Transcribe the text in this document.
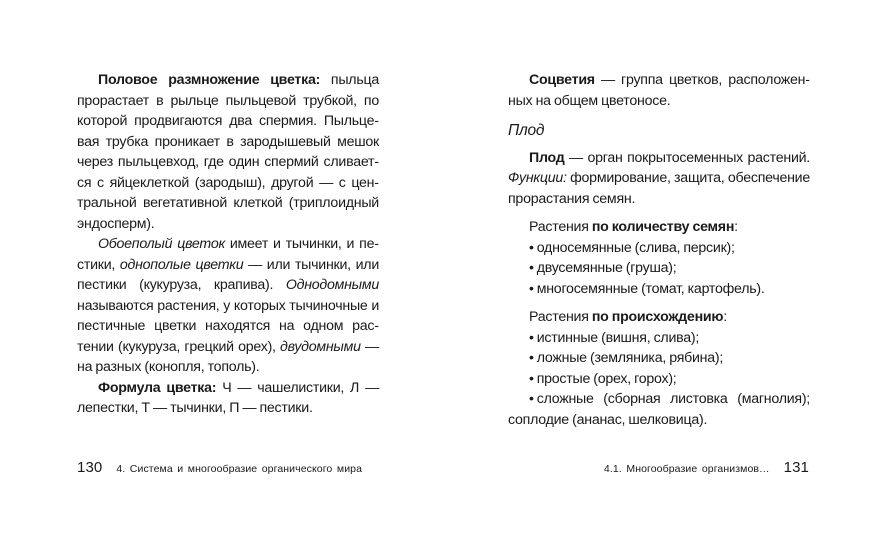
Половое размножение цветка: пыльца прорастает в рыльце пыльцевой трубкой, по которой продвигаются два спермия. Пыльцевая трубка проникает в зародышевый мешок через пыльцевход, где один спермий сливается с яйцеклеткой (зародыш), другой — с центральной вегетативной клеткой (триплоидный эндосперм).

Обоеполый цветок имеет и тычинки, и пестики, однополые цветки — или тычинки, или пестики (кукуруза, крапива). Однодомными называются растения, у которых тычиночные и пестичные цветки находятся на одном растении (кукуруза, грецкий орех), двудомными — на разных (конопля, тополь).

Формула цветка: Ч — чашелистики, Л — лепестки, Т — тычинки, П — пестики.

130 4. Система и многообразие органического мира

Соцветия — группа цветков, расположенных на общем цветоносе.

Плод

Плод — орган покрытосеменных растений. Функции: формирование, защита, обеспечение прорастания семян.

Растения по количеству семян:

• односемянные (слива, персик);
• двусемянные (груша);
• многосемянные (томат, картофель).

Растения по происхождению:

• истинные (вишня, слива);
• ложные (земляника, рябина);
• простые (орех, горох);
• сложные (сборная листовка (магнолия); соплодие (ананас, шелковица).
4.1. Многообразие организмов… 131
